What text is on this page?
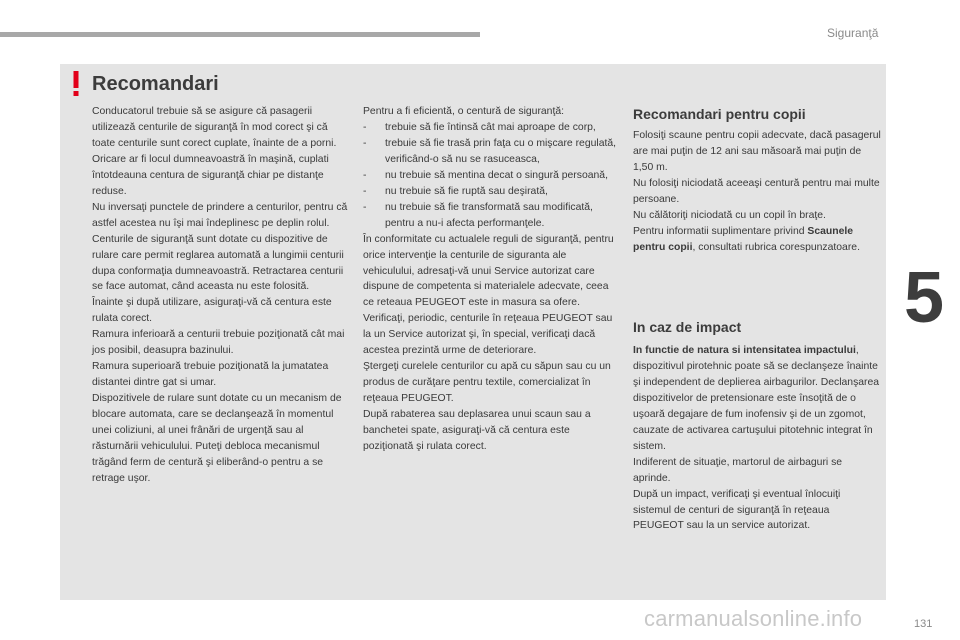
Siguranţă
5
Recomandari

Conducatorul trebuie să se asigure că pasagerii utilizează centurile de siguranţă în mod corect şi că toate centurile sunt corect cuplate, înainte de a porni.

Oricare ar fi locul dumneavoastră în maşină, cuplati întotdeauna centura de siguranţă chiar pe distanţe reduse.

Nu inversaţi punctele de prindere a centurilor, pentru că astfel acestea nu îşi mai îndeplinesc pe deplin rolul.

Centurile de siguranţă sunt dotate cu dispozitive de rulare care permit reglarea automată a lungimii centurii dupa conformaţia dumneavoastră. Retractarea centurii se face automat, când aceasta nu este folosită.

Înainte şi după utilizare, asiguraţi-vă că centura este rulata corect.

Ramura inferioară a centurii trebuie poziţionată cât mai jos posibil, deasupra bazinului.

Ramura superioară trebuie poziţionată la jumatatea distantei dintre gat si umar.

Dispozitivele de rulare sunt dotate cu un mecanism de blocare automata, care se declanşează în momentul unei coliziuni, al unei frânări de urgenţă sau al răsturnării vehiculului. Puteţi debloca mecanismul trăgând ferm de centură şi eliberând-o pentru a se retrage uşor.

Pentru a fi eficientă, o centură de siguranţă:

- trebuie să fie întinsă cât mai aproape de corp,

- trebuie să fie trasă prin faţa cu o mişcare regulată, verificând-o să nu se rasuceasca,

- nu trebuie să mentina decat o singură persoană,

- nu trebuie să fie ruptă sau deşirată,

- nu trebuie să fie transformată sau modificată, pentru a nu-i afecta performanţele.

În conformitate cu actualele reguli de siguranţă, pentru orice intervenţie la centurile de siguranta ale vehiculului, adresaţi-vă unui Service autorizat care dispune de competenta si materialele adecvate, ceea ce reteaua PEUGEOT este in masura sa ofere.

Verificaţi, periodic, centurile în reţeaua PEUGEOT sau la un Service autorizat şi, în special, verificaţi dacă acestea prezintă urme de deteriorare.

Ştergeţi curelele centurilor cu apă cu săpun sau cu un produs de curăţare pentru textile, comercializat în reţeaua PEUGEOT.

După rabaterea sau deplasarea unui scaun sau a banchetei spate, asiguraţi-vă că centura este poziţionată şi rulata corect.

Recomandari pentru copii

Folosiţi scaune pentru copii adecvate, dacă pasagerul are mai puţin de 12 ani sau măsoară mai puţin de 1,50 m.

Nu folosiţi niciodată aceeaşi centură pentru mai multe persoane.

Nu călătoriţi niciodată cu un copil în braţe.

Pentru informatii suplimentare privind Scaunele pentru copii, consultati rubrica corespunzatoare.

In caz de impact

In functie de natura si intensitatea impactului, dispozitivul pirotehnic poate să se declanşeze înainte şi independent de deplierea airbagurilor. Declanşarea dispozitivelor de pretensionare este însoţită de o uşoară degajare de fum inofensiv şi de un zgomot, cauzate de activarea cartuşului pitotehnic integrat în sistem.

Indiferent de situaţie, martorul de airbaguri se aprinde.

După un impact, verificaţi şi eventual înlocuiţi sistemul de centuri de siguranţă în reţeaua PEUGEOT sau la un service autorizat.

carmanualsonline.info	131
